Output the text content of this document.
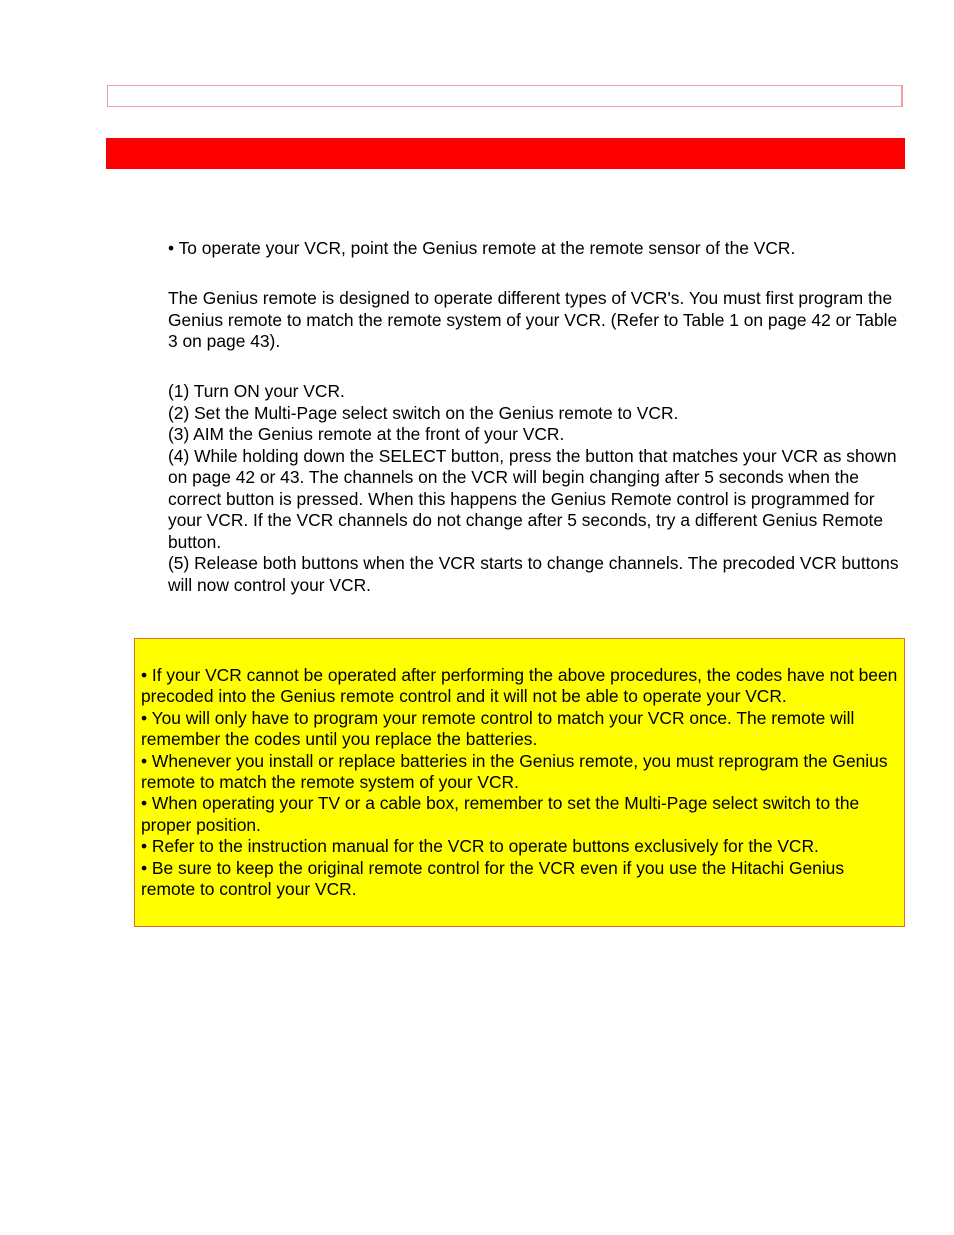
• To operate your VCR, point the Genius remote at the remote sensor of the VCR.

The Genius remote is designed to operate different types of VCR's. You must first program the Genius remote to match the remote system of your VCR. (Refer to Table 1 on page 42 or Table 3 on page 43).

(1) Turn ON your VCR.
(2) Set the Multi-Page select switch on the Genius remote to VCR.
(3) AIM the Genius remote at the front of your VCR.
(4) While holding down the SELECT button, press the button that matches your VCR as shown on page 42 or 43. The channels on the VCR will begin changing after 5 seconds when the correct button is pressed. When this happens the Genius Remote control is programmed for your VCR. If the VCR channels do not change after 5 seconds, try a different Genius Remote button.
(5) Release both buttons when the VCR starts to change channels. The precoded VCR buttons will now control your VCR.
• If your VCR cannot be operated after performing the above procedures, the codes have not been precoded into the Genius remote control and it will not be able to operate your VCR.
• You will only have to program your remote control to match your VCR once. The remote will remember the codes until you replace the batteries.
• Whenever you install or replace batteries in the Genius remote, you must reprogram the Genius remote to match the remote system of your VCR.
• When operating your TV or a cable box, remember to set the Multi-Page select switch to the proper position.
• Refer to the instruction manual for the VCR to operate buttons exclusively for the VCR.
• Be sure to keep the original remote control for the VCR even if you use the Hitachi Genius remote to control your VCR.
